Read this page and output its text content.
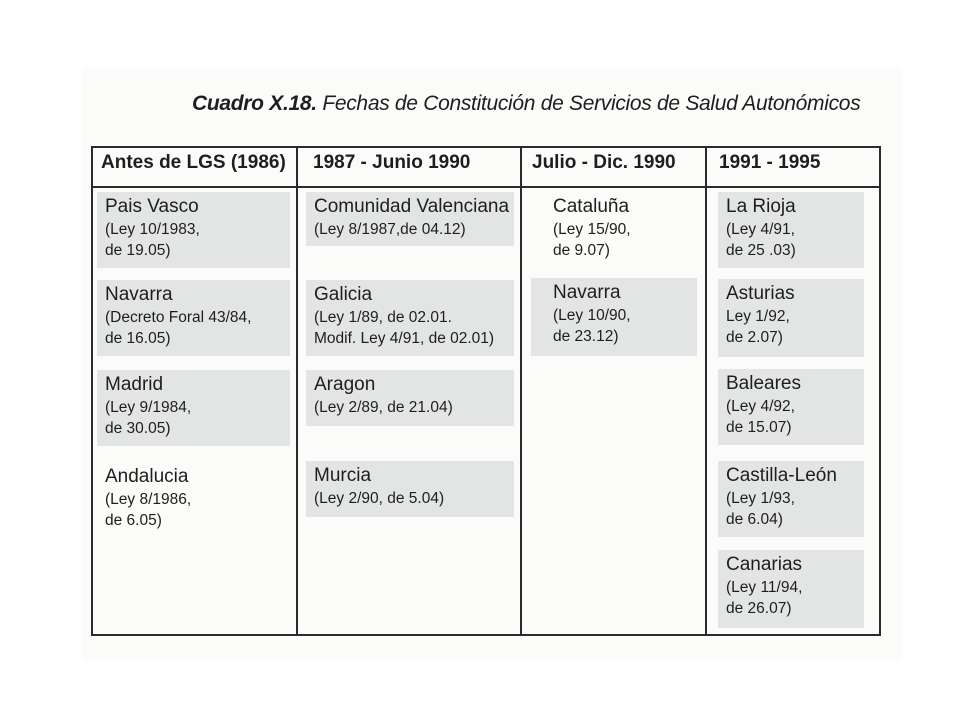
Cuadro X.18. Fechas de Constitución de Servicios de Salud Autonómicos
Antes de LGS (1986) 1987 - Junio 1990	Julio - Dic. 1990 1991 - 1995
Pais Vasco
(Ley 10/1983,
de 19.05)
Navarra
(Decreto Foral 43/84,
de 16.05)
Madrid
(Ley 9/1984,
de 30.05)
Andalucia
(Ley 8/1986,
de 6.05)
Comunidad Valenciana
(Ley 8/1987,de 04.12)
Galicia
(Ley 1/89, de 02.01.
Modif. Ley 4/91, de 02.01)
Aragon
(Ley 2/89, de 21.04)
Murcia
(Ley 2/90, de 5.04)
Cataluña
(Ley 15/90,
de 9.07)
Navarra
(Ley 10/90,
de 23.12)
La Rioja
(Ley 4/91,
de 25 .03)
Asturias
Ley 1/92,
de 2.07)
Baleares
(Ley 4/92,
de 15.07)
Castilla-León
(Ley 1/93,
de 6.04)
Canarias
(Ley 11/94,
de 26.07)
